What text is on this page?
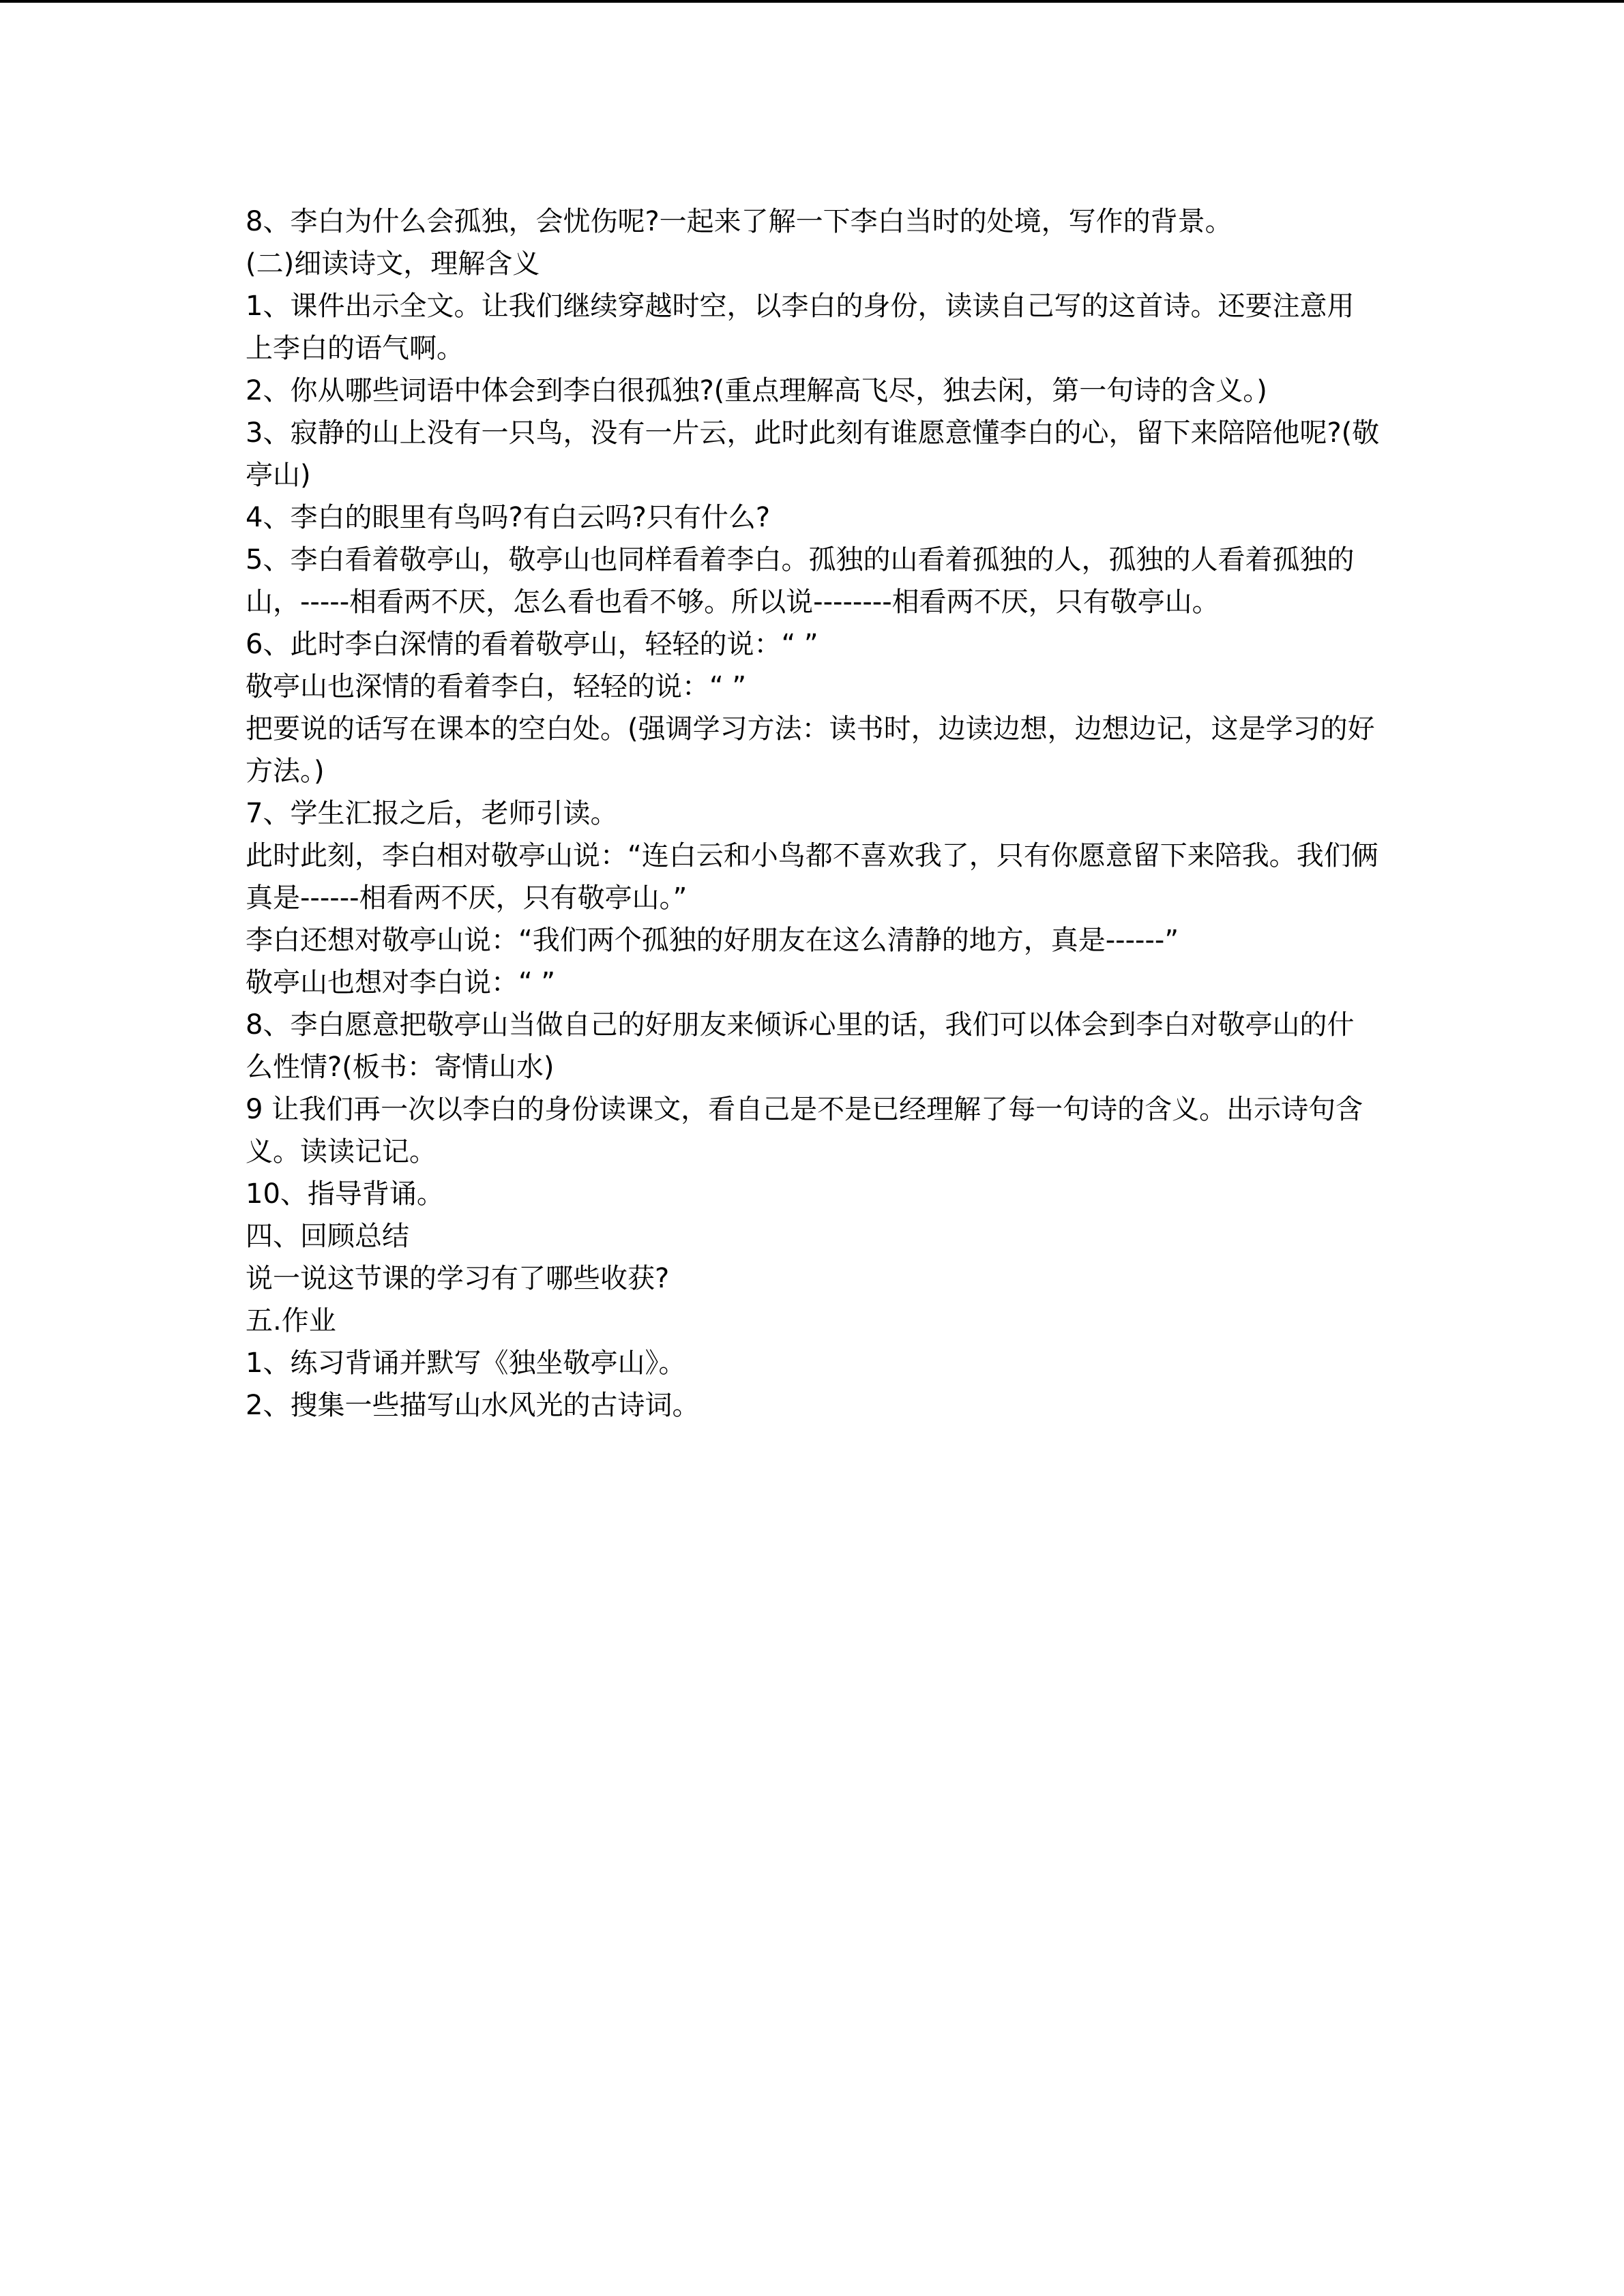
8、李白为什么会孤独，会忧伤呢?一起来了解一下李白当时的处境，写作的背景。

(二)细读诗文，理解含义

1、课件出示全文。让我们继续穿越时空，以李白的身份，读读自己写的这首诗。还要注意用上李白的语气啊。

2、你从哪些词语中体会到李白很孤独?(重点理解高飞尽，独去闲，第一句诗的含义。)

3、寂静的山上没有一只鸟，没有一片云，此时此刻有谁愿意懂李白的心，留下来陪陪他呢?(敬亭山)

4、李白的眼里有鸟吗?有白云吗?只有什么?

5、李白看着敬亭山，敬亭山也同样看着李白。孤独的山看着孤独的人，孤独的人看着孤独的山，-----相看两不厌，怎么看也看不够。所以说--------相看两不厌，只有敬亭山。

6、此时李白深情的看着敬亭山，轻轻的说：“ ”

敬亭山也深情的看着李白，轻轻的说：“ ”

把要说的话写在课本的空白处。(强调学习方法：读书时，边读边想，边想边记，这是学习的好方法。)

7、学生汇报之后，老师引读。

此时此刻，李白相对敬亭山说：“连白云和小鸟都不喜欢我了，只有你愿意留下来陪我。我们俩真是------相看两不厌，只有敬亭山。”

李白还想对敬亭山说：“我们两个孤独的好朋友在这么清静的地方，真是------”

敬亭山也想对李白说：“ ”

8、李白愿意把敬亭山当做自己的好朋友来倾诉心里的话，我们可以体会到李白对敬亭山的什么性情?(板书：寄情山水)

9 让我们再一次以李白的身份读课文，看自己是不是已经理解了每一句诗的含义。出示诗句含义。读读记记。

10、指导背诵。

四、回顾总结

说一说这节课的学习有了哪些收获?

五.作业

1、练习背诵并默写《独坐敬亭山》。

2、搜集一些描写山水风光的古诗词。
